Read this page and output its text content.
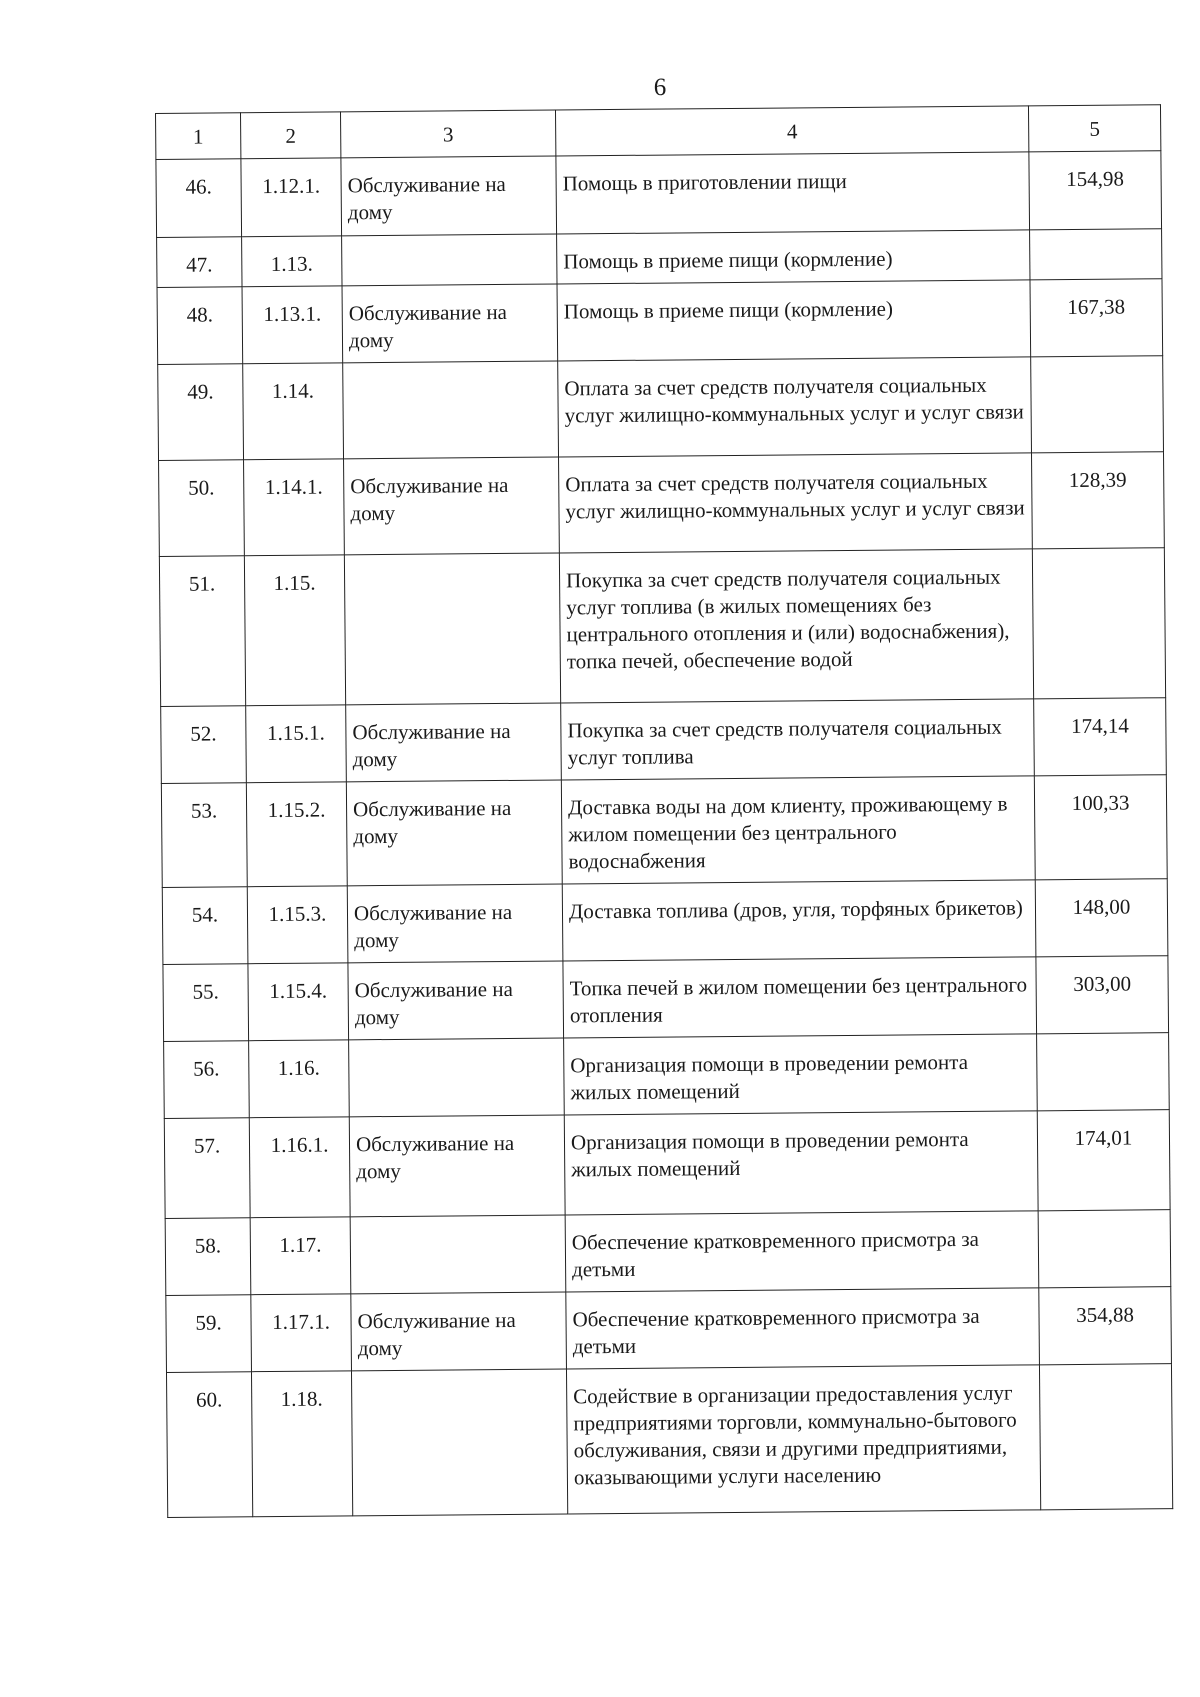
6
1	2	3	4	5
46.	1.12.1.	Обслуживание на дому	Помощь в приготовлении пищи	154,98
47.	1.13.		Помощь в приеме пищи (кормление)	
48.	1.13.1.	Обслуживание на дому	Помощь в приеме пищи (кормление)	167,38
49.	1.14.		Оплата за счет средств получателя социальных услуг жилищно-коммунальных услуг и услуг связи	
50.	1.14.1.	Обслуживание на дому	Оплата за счет средств получателя социальных услуг жилищно-коммунальных услуг и услуг связи	128,39
51.	1.15.		Покупка за счет средств получателя социальных услуг топлива (в жилых помещениях без центрального отопления и (или) водоснабжения), топка печей, обеспечение водой	
52.	1.15.1.	Обслуживание на дому	Покупка за счет средств получателя социальных услуг топлива	174,14
53.	1.15.2.	Обслуживание на дому	Доставка воды на дом клиенту, проживающему в жилом помещении без центрального водоснабжения	100,33
54.	1.15.3.	Обслуживание на дому	Доставка топлива (дров, угля, торфяных брикетов)	148,00
55.	1.15.4.	Обслуживание на дому	Топка печей в жилом помещении без центрального отопления	303,00
56.	1.16.		Организация помощи в проведении ремонта жилых помещений	
57.	1.16.1.	Обслуживание на дому	Организация помощи в проведении ремонта жилых помещений	174,01
58.	1.17.		Обеспечение кратковременного присмотра за детьми	
59.	1.17.1.	Обслуживание на дому	Обеспечение кратковременного присмотра за детьми	354,88
60.	1.18.		Содействие в организации предоставления услуг предприятиями торговли, коммунально-бытового обслуживания, связи и другими предприятиями, оказывающими услуги населению	
